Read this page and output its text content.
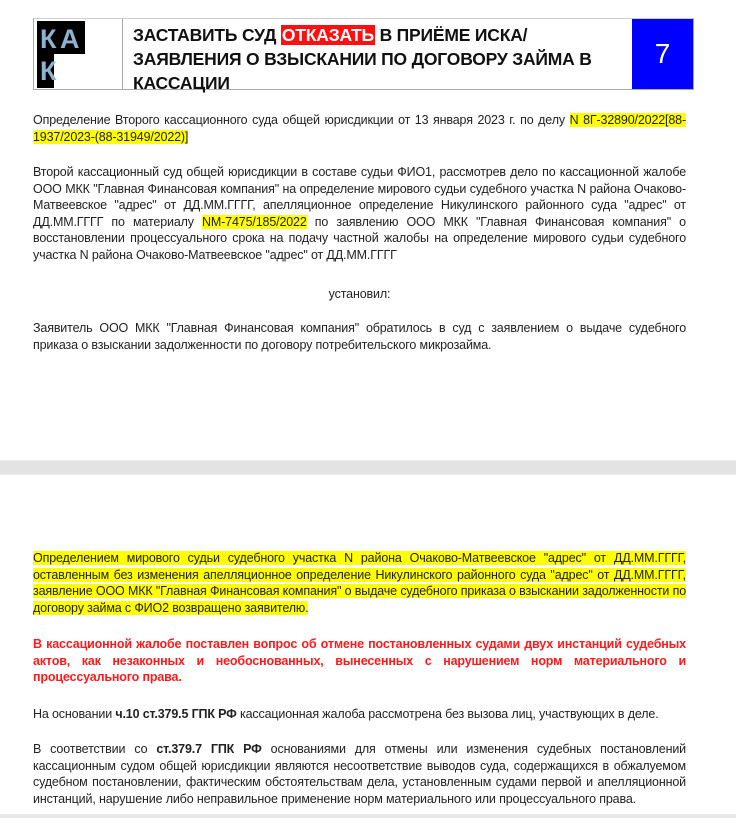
К А
К
ЗАСТАВИТЬ СУД ОТКАЗАТЬ В ПРИЁМЕ ИСКА/ЗАЯВЛЕНИЯ О ВЗЫСКАНИИ ПО ДОГОВОРУ ЗАЙМА В КАССАЦИИ
7
Определение Второго кассационного суда общей юрисдикции от 13 января 2023 г. по делу N 8Г-32890/2022[88-1937/2023-(88-31949/2022)]
Второй кассационный суд общей юрисдикции в составе судьи ФИО1, рассмотрев дело по кассационной жалобе ООО МКК "Главная Финансовая компания" на определение мирового судьи судебного участка N района Очаково-Матвеевское "адрес" от ДД.ММ.ГГГГ, апелляционное определение Никулинского районного суда "адрес" от ДД.ММ.ГГГГ по материалу NM-7475/185/2022 по заявлению ООО МКК "Главная Финансовая компания" о восстановлении процессуального срока на подачу частной жалобы на определение мирового судьи судебного участка N района Очаково-Матвеевское "адрес" от ДД.ММ.ГГГГ
установил:
Заявитель ООО МКК "Главная Финансовая компания" обратилось в суд с заявлением о выдаче судебного приказа о взыскании задолженности по договору потребительского микрозайма.
Определением мирового судьи судебного участка N района Очаково-Матвеевское "адрес" от ДД.ММ.ГГГГ, оставленным без изменения апелляционное определение Никулинского районного суда "адрес" от ДД.ММ.ГГГГ, заявление ООО МКК "Главная Финансовая компания" о выдаче судебного приказа о взыскании задолженности по договору займа с ФИО2 возвращено заявителю.
В кассационной жалобе поставлен вопрос об отмене постановленных судами двух инстанций судебных актов, как незаконных и необоснованных, вынесенных с нарушением норм материального и процессуального права.
На основании ч.10 ст.379.5 ГПК РФ кассационная жалоба рассмотрена без вызова лиц, участвующих в деле.
В соответствии со ст.379.7 ГПК РФ основаниями для отмены или изменения судебных постановлений кассационным судом общей юрисдикции являются несоответствие выводов суда, содержащихся в обжалуемом судебном постановлении, фактическим обстоятельствам дела, установленным судами первой и апелляционной инстанций, нарушение либо неправильное применение норм материального или процессуального права.
